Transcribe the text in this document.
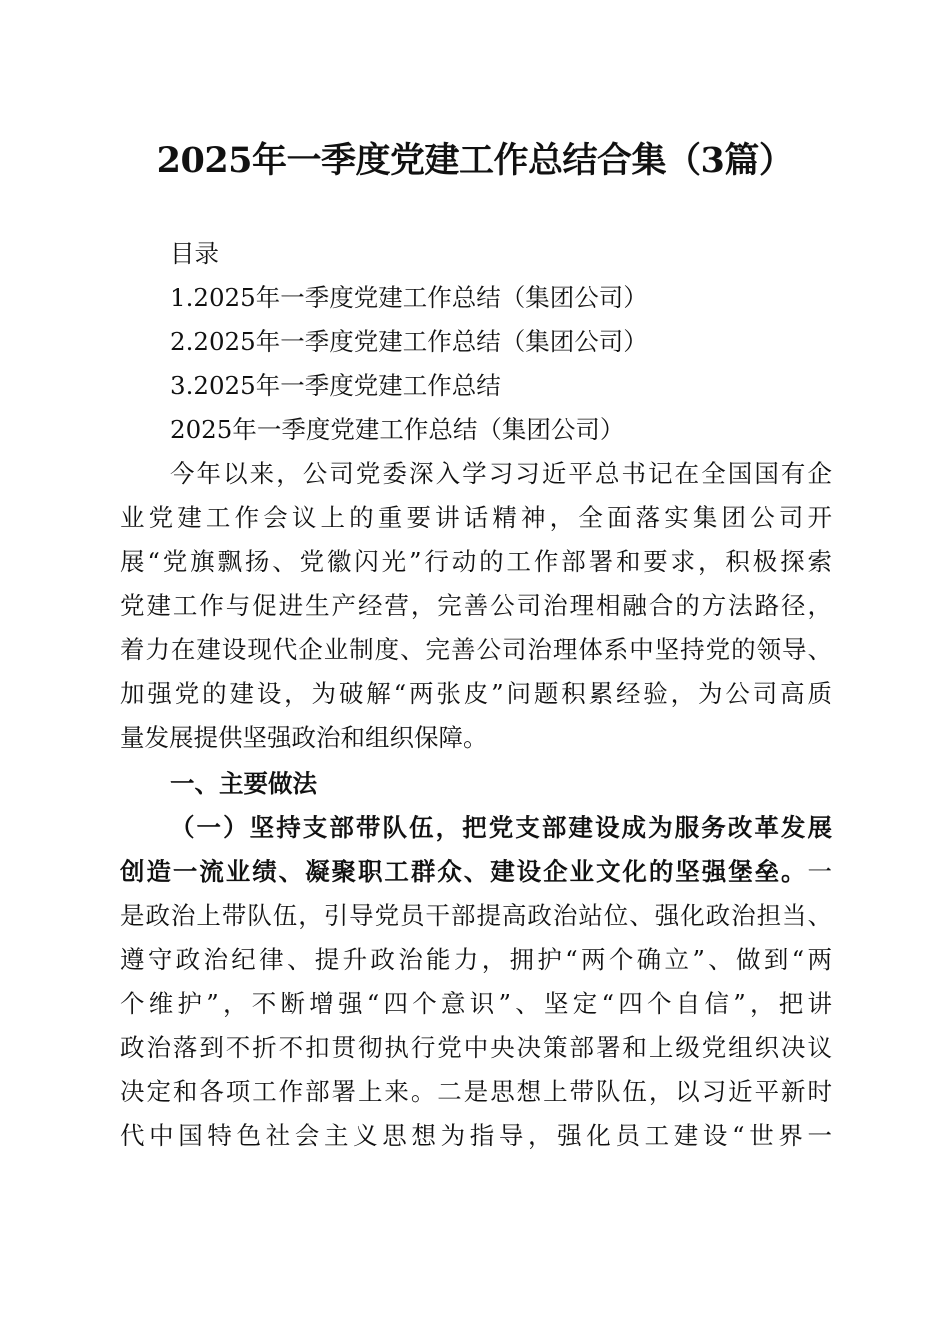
2025年一季度党建工作总结合集（3篇）
目录
1.2025年一季度党建工作总结（集团公司）
2.2025年一季度党建工作总结（集团公司）
3.2025年一季度党建工作总结
2025年一季度党建工作总结（集团公司）
今年以来，公司党委深入学习习近平总书记在全国国有企
业党建工作会议上的重要讲话精神，全面落实集团公司开
展“党旗飘扬、党徽闪光”行动的工作部署和要求，积极探索
党建工作与促进生产经营，完善公司治理相融合的方法路径，
着力在建设现代企业制度、完善公司治理体系中坚持党的领导、
加强党的建设，为破解“两张皮”问题积累经验，为公司高质
量发展提供坚强政治和组织保障。
一、主要做法
（一）坚持支部带队伍，把党支部建设成为服务改革发展
创造一流业绩、凝聚职工群众、建设企业文化的坚强堡垒。一
是政治上带队伍，引导党员干部提高政治站位、强化政治担当、
遵守政治纪律、提升政治能力，拥护“两个确立”、做到“两
个维护”，不断增强“四个意识”、坚定“四个自信”，把讲
政治落到不折不扣贯彻执行党中央决策部署和上级党组织决议
决定和各项工作部署上来。二是思想上带队伍，以习近平新时
代中国特色社会主义思想为指导，强化员工建设“世界一
